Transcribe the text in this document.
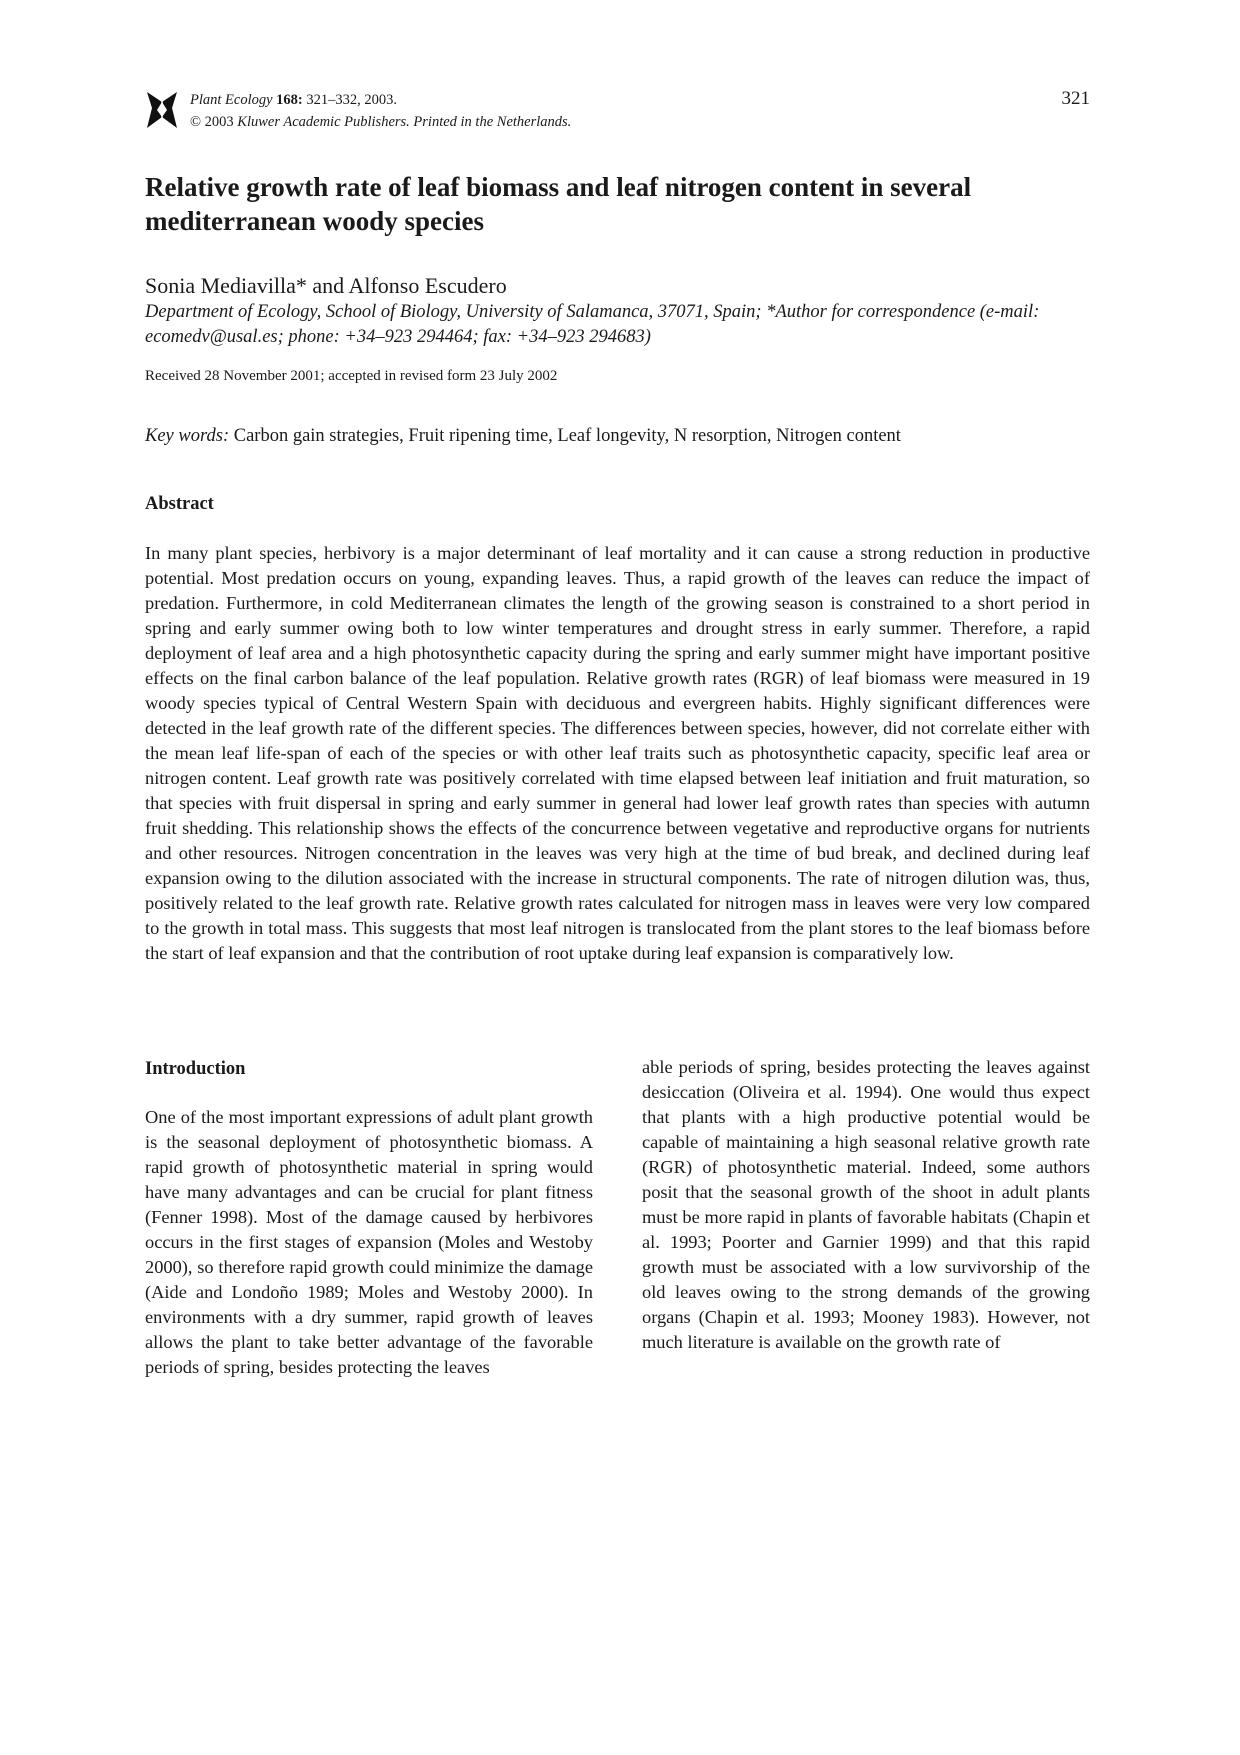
Plant Ecology 168: 321–332, 2003.
© 2003 Kluwer Academic Publishers. Printed in the Netherlands.
321
Relative growth rate of leaf biomass and leaf nitrogen content in several mediterranean woody species
Sonia Mediavilla* and Alfonso Escudero
Department of Ecology, School of Biology, University of Salamanca, 37071, Spain; *Author for correspondence (e-mail: ecomedv@usal.es; phone: +34–923 294464; fax: +34–923 294683)
Received 28 November 2001; accepted in revised form 23 July 2002
Key words: Carbon gain strategies, Fruit ripening time, Leaf longevity, N resorption, Nitrogen content
Abstract

In many plant species, herbivory is a major determinant of leaf mortality and it can cause a strong reduction in productive potential. Most predation occurs on young, expanding leaves. Thus, a rapid growth of the leaves can reduce the impact of predation. Furthermore, in cold Mediterranean climates the length of the growing season is constrained to a short period in spring and early summer owing both to low winter temperatures and drought stress in early summer. Therefore, a rapid deployment of leaf area and a high photosynthetic capacity during the spring and early summer might have important positive effects on the final carbon balance of the leaf population. Relative growth rates (RGR) of leaf biomass were measured in 19 woody species typical of Central Western Spain with deciduous and evergreen habits. Highly significant differences were detected in the leaf growth rate of the different species. The differences between species, however, did not correlate either with the mean leaf life-span of each of the species or with other leaf traits such as photosynthetic capacity, specific leaf area or nitrogen content. Leaf growth rate was positively correlated with time elapsed between leaf initiation and fruit maturation, so that species with fruit dispersal in spring and early summer in general had lower leaf growth rates than species with autumn fruit shedding. This relationship shows the effects of the concurrence between vegetative and reproductive organs for nutrients and other resources. Nitrogen concentration in the leaves was very high at the time of bud break, and declined during leaf expansion owing to the dilution associated with the increase in structural components. The rate of nitrogen dilution was, thus, positively related to the leaf growth rate. Relative growth rates calculated for nitrogen mass in leaves were very low compared to the growth in total mass. This suggests that most leaf nitrogen is translocated from the plant stores to the leaf biomass before the start of leaf expansion and that the contribution of root uptake during leaf expansion is comparatively low.

Introduction

One of the most important expressions of adult plant growth is the seasonal deployment of photosynthetic biomass. A rapid growth of photosynthetic material in spring would have many advantages and can be crucial for plant fitness (Fenner 1998). Most of the damage caused by herbivores occurs in the first stages of expansion (Moles and Westoby 2000), so therefore rapid growth could minimize the damage (Aide and Londoño 1989; Moles and Westoby 2000). In environments with a dry summer, rapid growth of leaves allows the plant to take better advantage of the favorable periods of spring, besides protecting the leaves

able periods of spring, besides protecting the leaves against desiccation (Oliveira et al. 1994). One would thus expect that plants with a high productive potential would be capable of maintaining a high seasonal relative growth rate (RGR) of photosynthetic material. Indeed, some authors posit that the seasonal growth of the shoot in adult plants must be more rapid in plants of favorable habitats (Chapin et al. 1993; Poorter and Garnier 1999) and that this rapid growth must be associated with a low survivorship of the old leaves owing to the strong demands of the growing organs (Chapin et al. 1993; Mooney 1983). However, not much literature is available on the growth rate of
